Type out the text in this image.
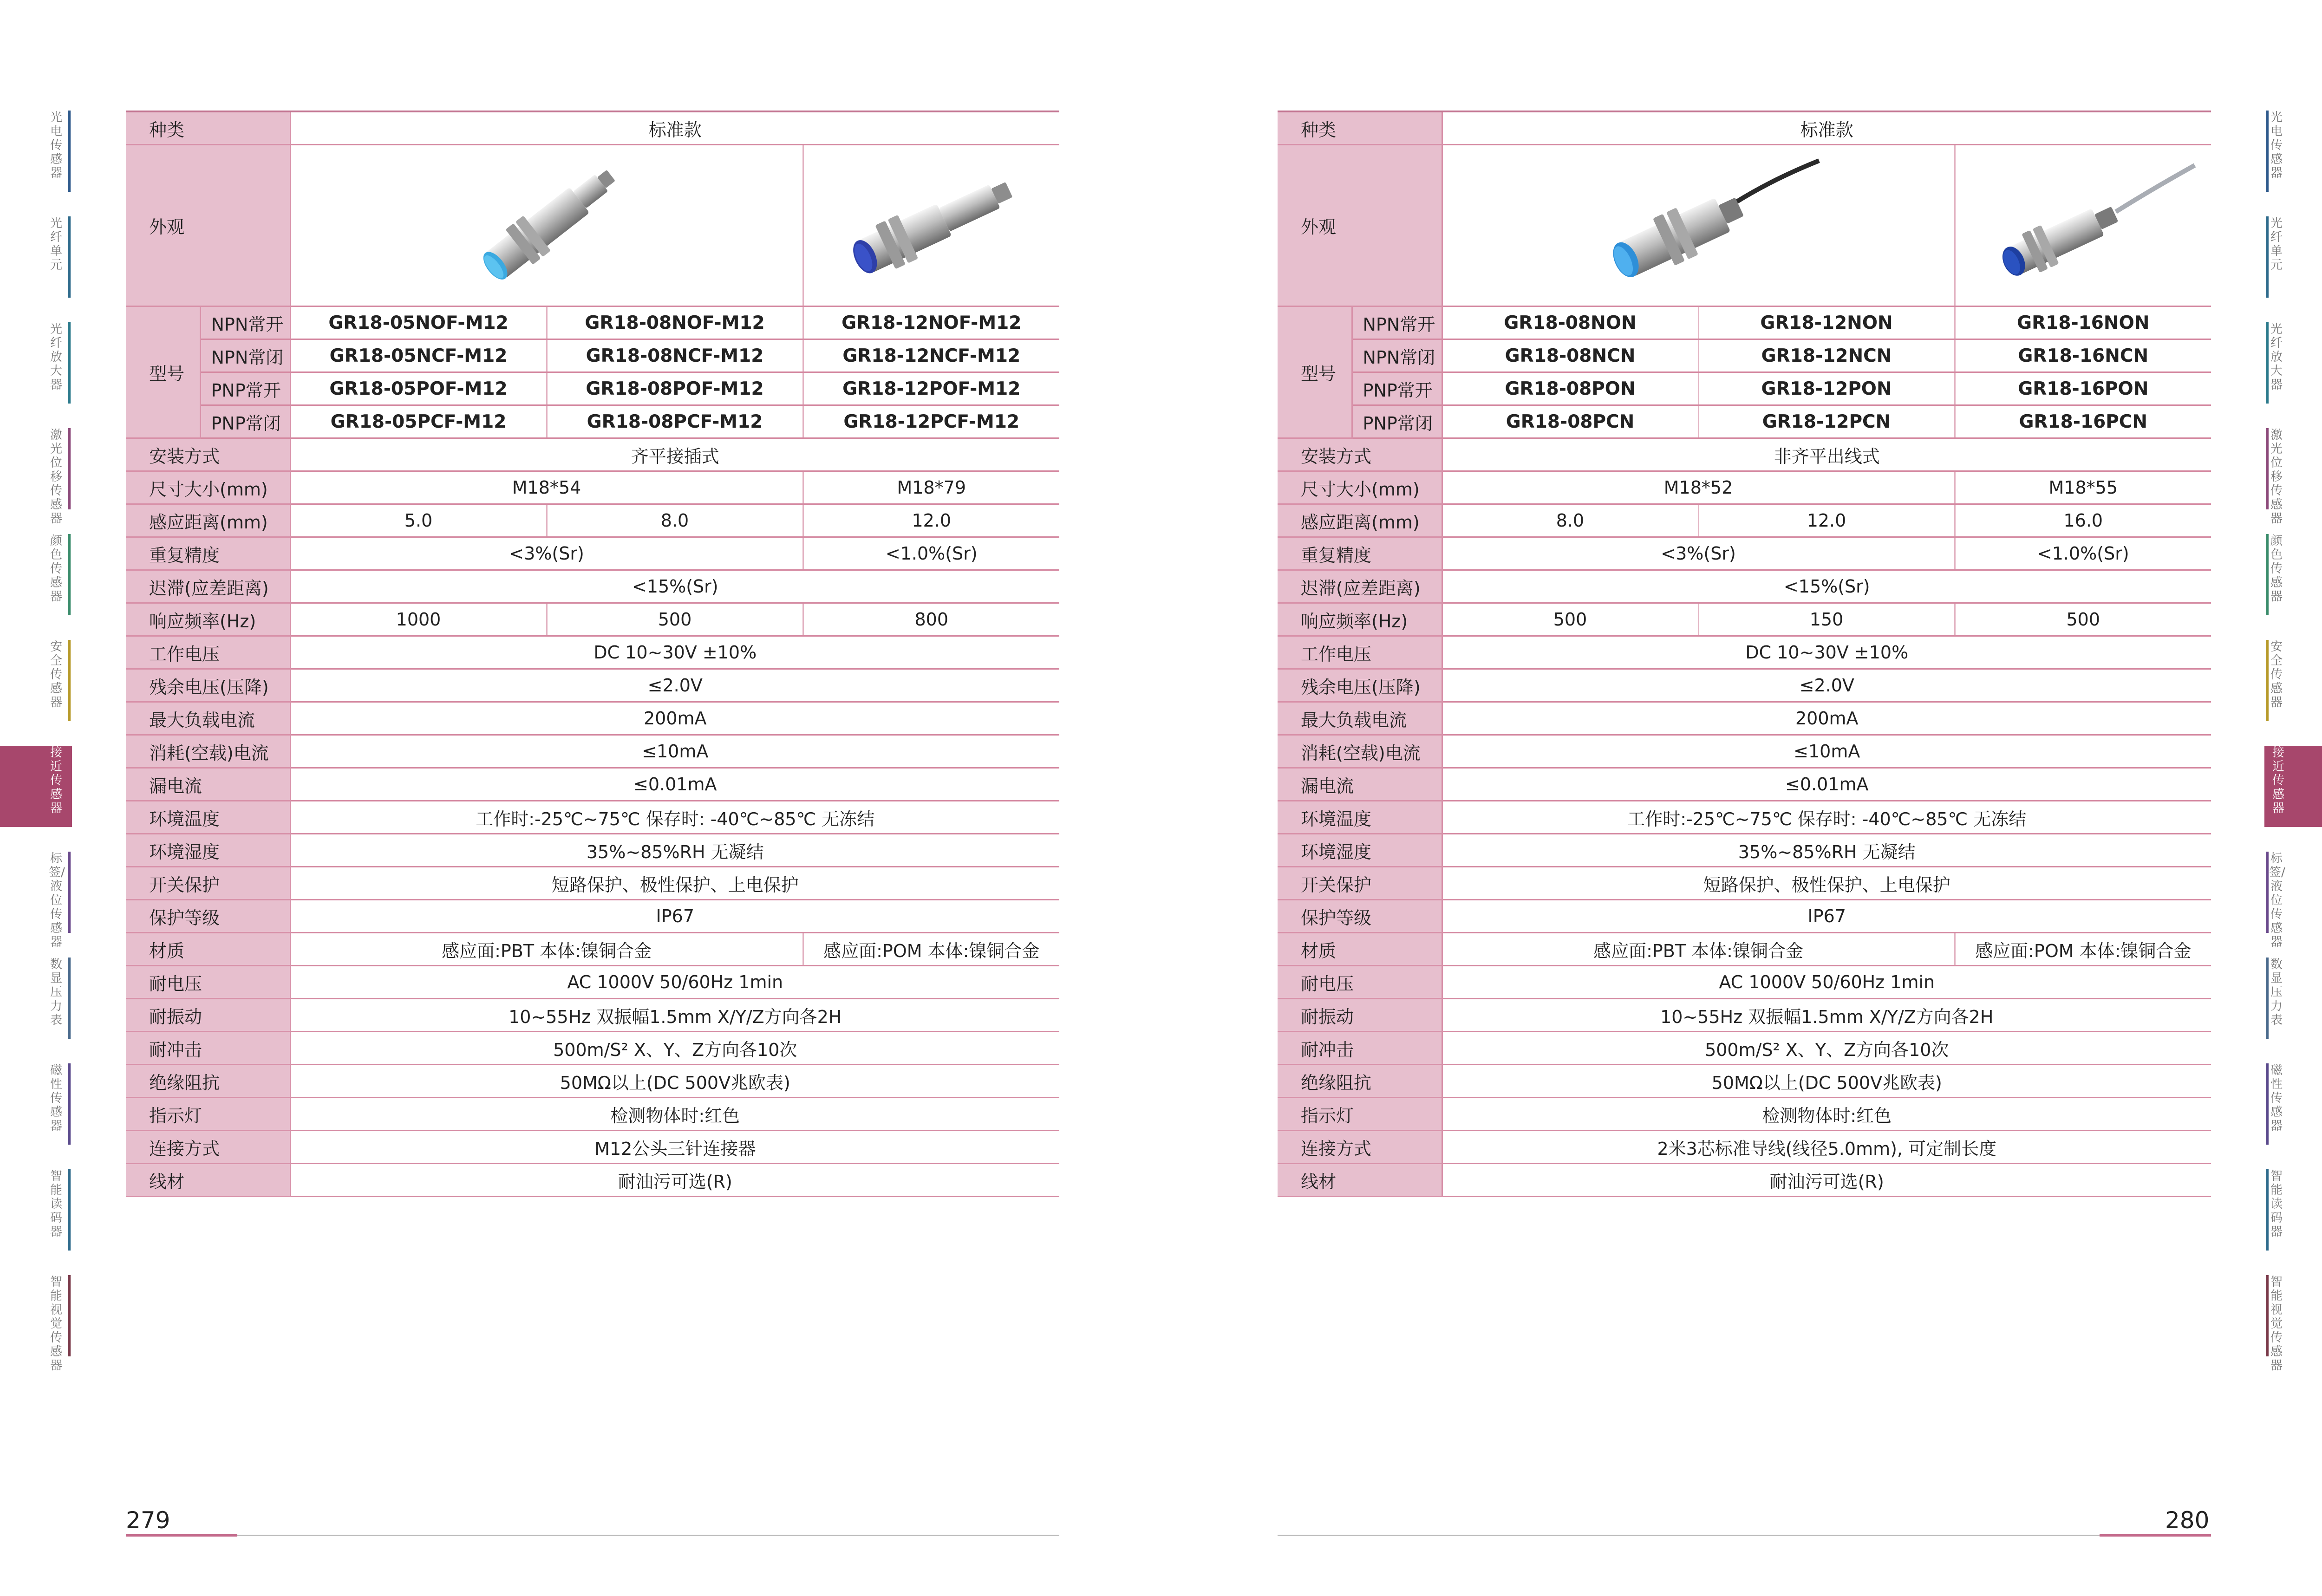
光电传感器
光纤单元
光纤放大器
激光位移传感器
颜色传感器
安全传感器
接近传感器
标签/液位传感器
数显压力表
磁性传感器
智能读码器
智能视觉传感器
种类		标准款		
外观	

型号	NPN常开	GR18-05NOF-M12	GR18-08NOF-M12	GR18-12NOF-M12
	NPN常闭	GR18-05NCF-M12	GR18-08NCF-M12	GR18-12NCF-M12
	PNP常开	GR18-05POF-M12	GR18-08POF-M12	GR18-12POF-M12
	PNP常闭	GR18-05PCF-M12	GR18-08PCF-M12	GR18-12PCF-M12
安装方式		齐平接插式		
尺寸大小(mm)		M18*54		M18*79
感应距离(mm)		5.0	8.0	12.0
重复精度		<3%(Sr)		<1.0%(Sr)
迟滞(应差距离)		<15%(Sr)		
响应频率(Hz)		1000	500	800
工作电压		DC 10~30V ±10%		
残余电压(压降)		≤2.0V		
最大负载电流		200mA		
消耗(空载)电流		≤10mA		
漏电流		≤0.01mA		
环境温度		工作时:-25℃~75℃ 保存时: -40℃~85℃ 无冻结		
环境湿度		35%~85%RH 无凝结		
开关保护		短路保护、极性保护、上电保护		
保护等级		IP67		
材质		感应面:PBT 本体:镍铜合金		感应面:POM 本体:镍铜合金
耐电压		AC 1000V 50/60Hz 1min		
耐振动		10~55Hz 双振幅1.5mm X/Y/Z方向各2H		
耐冲击		500m/S² X、Y、Z方向各10次		
绝缘阻抗		50MΩ以上(DC 500V兆欧表)		
指示灯		检测物体时:红色		
连接方式		M12公头三针连接器		
线材		耐油污可选(R)		
279
光电传感器
光纤单元
光纤放大器
激光位移传感器
颜色传感器
安全传感器
接近传感器
标签/液位传感器
数显压力表
磁性传感器
智能读码器
智能视觉传感器
种类		标准款		
外观	

型号	NPN常开	GR18-08NON	GR18-12NON	GR18-16NON
	NPN常闭	GR18-08NCN	GR18-12NCN	GR18-16NCN
	PNP常开	GR18-08PON	GR18-12PON	GR18-16PON
	PNP常闭	GR18-08PCN	GR18-12PCN	GR18-16PCN
安装方式		非齐平出线式		
尺寸大小(mm)		M18*52		M18*55
感应距离(mm)		8.0	12.0	16.0
重复精度		<3%(Sr)		<1.0%(Sr)
迟滞(应差距离)		<15%(Sr)		
响应频率(Hz)		500	150	500
工作电压		DC 10~30V ±10%		
残余电压(压降)		≤2.0V		
最大负载电流		200mA		
消耗(空载)电流		≤10mA		
漏电流		≤0.01mA		
环境温度		工作时:-25℃~75℃ 保存时: -40℃~85℃ 无冻结		
环境湿度		35%~85%RH 无凝结		
开关保护		短路保护、极性保护、上电保护		
保护等级		IP67		
材质		感应面:PBT 本体:镍铜合金		感应面:POM 本体:镍铜合金
耐电压		AC 1000V 50/60Hz 1min		
耐振动		10~55Hz 双振幅1.5mm X/Y/Z方向各2H		
耐冲击		500m/S² X、Y、Z方向各10次		
绝缘阻抗		50MΩ以上(DC 500V兆欧表)		
指示灯		检测物体时:红色		
连接方式		2米3芯标准导线(线径5.0mm), 可定制长度		
线材		耐油污可选(R)		
280
